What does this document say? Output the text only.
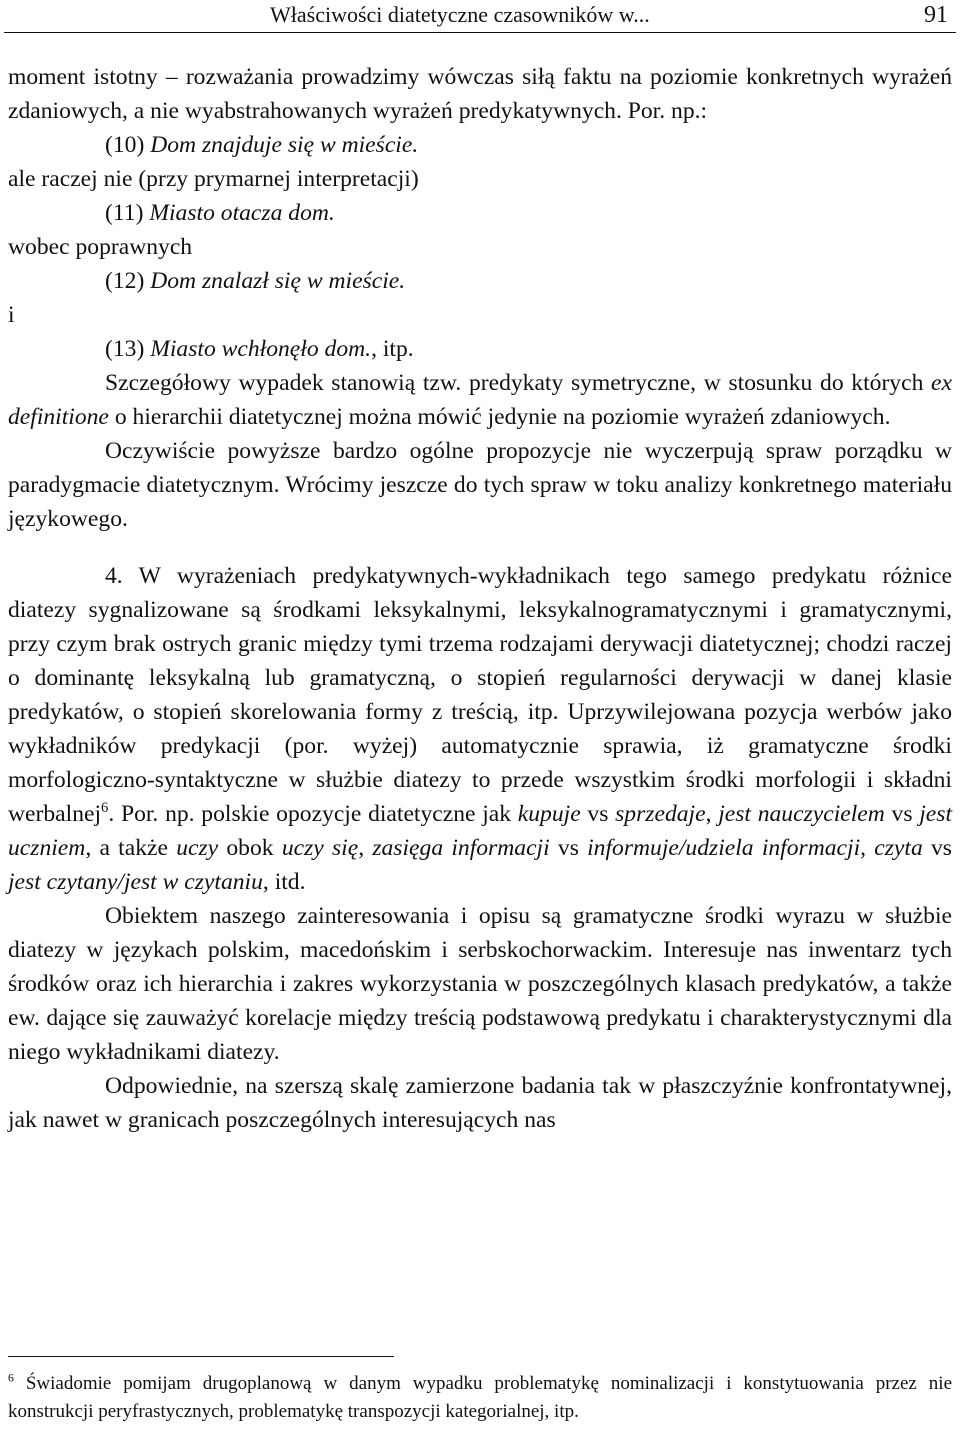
Właściwości diatetyczne czasowników w...	91

moment istotny – rozważania prowadzimy wówczas siłą faktu na poziomie konkretnych wyrażeń zdaniowych, a nie wyabstrahowanych wyrażeń predykatywnych. Por. np.:

(10) Dom znajduje się w mieście.

ale raczej nie (przy prymarnej interpretacji)

(11) Miasto otacza dom.

wobec poprawnych

(12) Dom znalazł się w mieście.

i

(13) Miasto wchłonęło dom., itp.

Szczegółowy wypadek stanowią tzw. predykaty symetryczne, w stosunku do których ex definitione o hierarchii diatetycznej można mówić jedynie na poziomie wyrażeń zdaniowych.

Oczywiście powyższe bardzo ogólne propozycje nie wyczerpują spraw porządku w paradygmacie diatetycznym. Wrócimy jeszcze do tych spraw w toku analizy konkretnego materiału językowego.

4. W wyrażeniach predykatywnych-wykładnikach tego samego predykatu różnice diatezy sygnalizowane są środkami leksykalnymi, leksykalnogramatycznymi i gramatycznymi, przy czym brak ostrych granic między tymi trzema rodzajami derywacji diatetycznej; chodzi raczej o dominantę leksykalną lub gramatyczną, o stopień regularności derywacji w danej klasie predykatów, o stopień skorelowania formy z treścią, itp. Uprzywilejowana pozycja werbów jako wykładników predykacji (por. wyżej) automatycznie sprawia, iż gramatyczne środki morfologiczno-syntaktyczne w służbie diatezy to przede wszystkim środki morfologii i składni werbalnej$^6$. Por. np. polskie opozycje diatetyczne jak kupuje vs sprzedaje, jest nauczycielem vs jest uczniem, a także uczy obok uczy się, zasięga informacji vs informuje/udziela informacji, czyta vs jest czytany/jest w czytaniu, itd.

Obiektem naszego zainteresowania i opisu są gramatyczne środki wyrazu w służbie diatezy w językach polskim, macedońskim i serbskochorwackim. Interesuje nas inwentarz tych środków oraz ich hierarchia i zakres wykorzystania w poszczególnych klasach predykatów, a także ew. dające się zauważyć korelacje między treścią podstawową predykatu i charakterystycznymi dla niego wykładnikami diatezy.

Odpowiednie, na szerszą skalę zamierzone badania tak w płaszczyźnie konfrontatywnej, jak nawet w granicach poszczególnych interesujących nas

$^6$ Świadomie pomijam drugoplanową w danym wypadku problematykę nominalizacji i konstytuowania przez nie konstrukcji peryfrastycznych, problematykę transpozycji kategorialnej, itp.
